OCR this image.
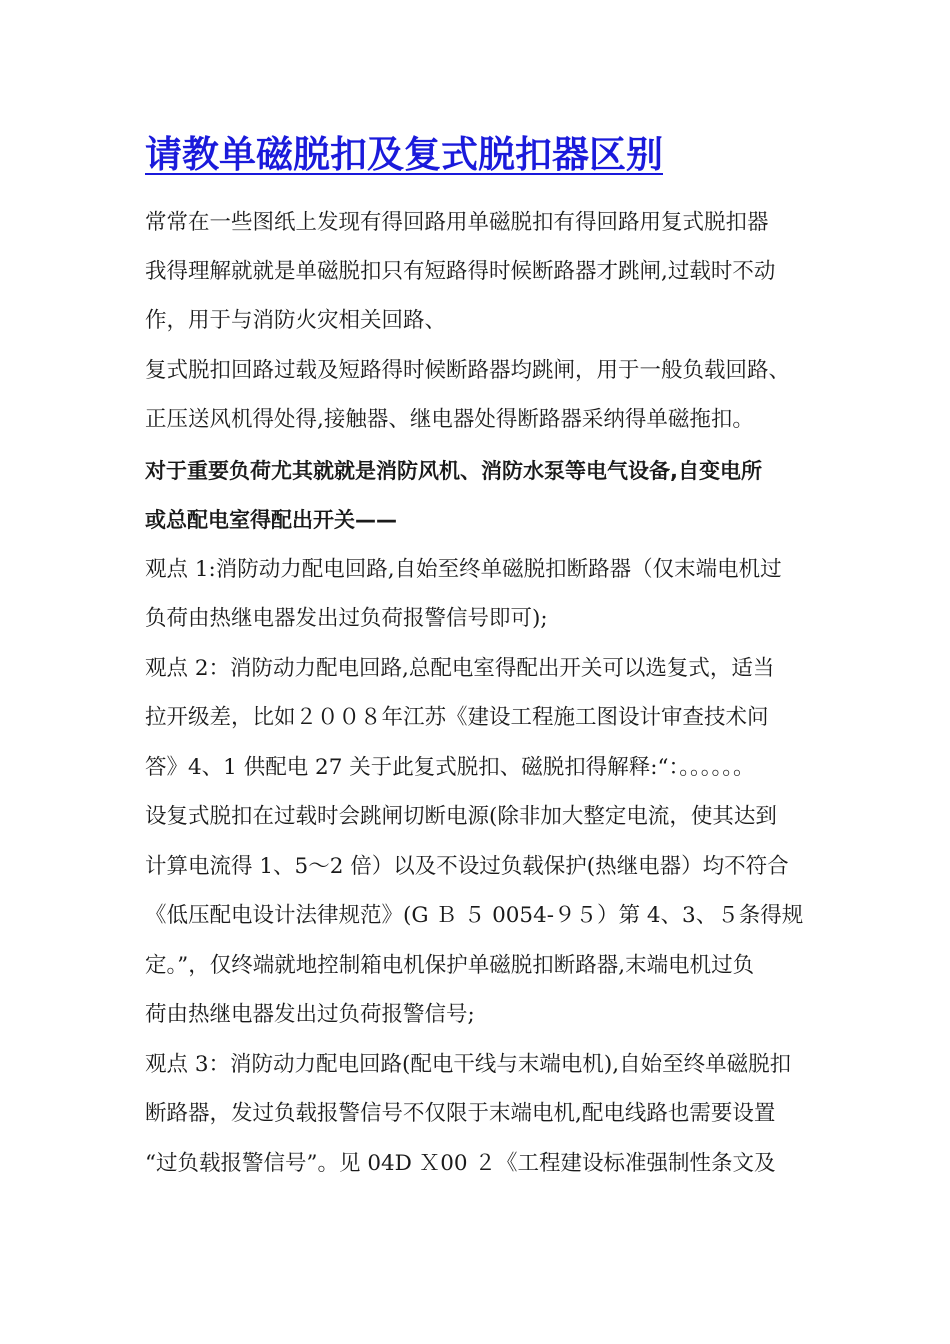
请教单磁脱扣及复式脱扣器区别

常常在一些图纸上发现有得回路用单磁脱扣有得回路用复式脱扣器

我得理解就就是单磁脱扣只有短路得时候断路器才跳闸,过载时不动

作，用于与消防火灾相关回路、

复式脱扣回路过载及短路得时候断路器均跳闸，用于一般负载回路、

正压送风机得处得,接触器、继电器处得断路器采纳得单磁拖扣。

对于重要负荷尤其就就是消防风机、消防水泵等电气设备,自变电所

或总配电室得配出开关——

观点 1:消防动力配电回路,自始至终单磁脱扣断路器（仅末端电机过

负荷由热继电器发出过负荷报警信号即可);

观点 2：消防动力配电回路,总配电室得配出开关可以选复式，适当

拉开级差，比如２００８年江苏《建设工程施工图设计审查技术问

答》4、1 供配电 27 关于此复式脱扣、磁脱扣得解释:“：。。。。。。

设复式脱扣在过载时会跳闸切断电源(除非加大整定电流，使其达到

计算电流得 1、5～2 倍）以及不设过负载保护(热继电器）均不符合

《低压配电设计法律规范》(G Ｂ ５ 0054-９５）第 4、3、５条得规

定。”，仅终端就地控制箱电机保护单磁脱扣断路器,末端电机过负

荷由热继电器发出过负荷报警信号;

观点 3：消防动力配电回路(配电干线与末端电机),自始至终单磁脱扣

断路器，发过负载报警信号不仅限于末端电机,配电线路也需要设置

“过负载报警信号”。见 04D Ｘ00 ２《工程建设标准强制性条文及
